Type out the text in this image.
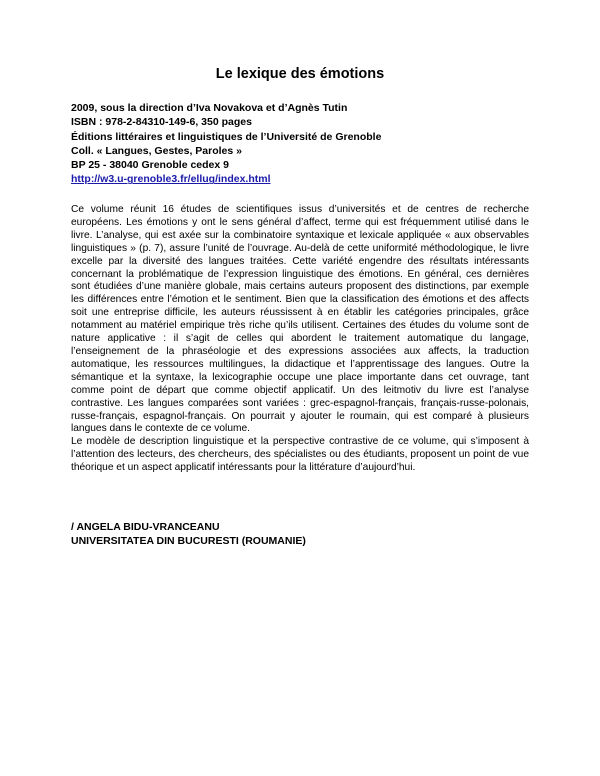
Le lexique des émotions
2009, sous la direction d’Iva Novakova et d’Agnès Tutin
ISBN : 978-2-84310-149-6, 350 pages
Éditions littéraires et linguistiques de l’Université de Grenoble
Coll. « Langues, Gestes, Paroles »
BP 25 - 38040 Grenoble cedex 9
http://w3.u-grenoble3.fr/ellug/index.html

Ce volume réunit 16 études de scientifiques issus d’universités et de centres de recherche européens. Les émotions y ont le sens général d’affect, terme qui est fréquemment utilisé dans le livre. L’analyse, qui est axée sur la combinatoire syntaxique et lexicale appliquée « aux observables linguistiques » (p. 7), assure l’unité de l’ouvrage. Au-delà de cette uniformité méthodologique, le livre excelle par la diversité des langues traitées. Cette variété engendre des résultats intéressants concernant la problématique de l’expression linguistique des émotions. En général, ces dernières sont étudiées d’une manière globale, mais certains auteurs proposent des distinctions, par exemple les différences entre l’émotion et le sentiment. Bien que la classification des émotions et des affects soit une entreprise difficile, les auteurs réussissent à en établir les catégories principales, grâce notamment au matériel empirique très riche qu’ils utilisent. Certaines des études du volume sont de nature applicative : il s’agit de celles qui abordent le traitement automatique du langage, l’enseignement de la phraséologie et des expressions associées aux affects, la traduction automatique, les ressources multilingues, la didactique et l’apprentissage des langues. Outre la sémantique et la syntaxe, la lexicographie occupe une place importante dans cet ouvrage, tant comme point de départ que comme objectif applicatif. Un des leitmotiv du livre est l’analyse contrastive. Les langues comparées sont variées : grec-espagnol-français, français-russe-polonais, russe-français, espagnol-français. On pourrait y ajouter le roumain, qui est comparé à plusieurs langues dans le contexte de ce volume.

Le modèle de description linguistique et la perspective contrastive de ce volume, qui s’imposent à l’attention des lecteurs, des chercheurs, des spécialistes ou des étudiants, proposent un point de vue théorique et un aspect applicatif intéressants pour la littérature d’aujourd’hui.

/ ANGELA BIDU-VRANCEANU
UNIVERSITATEA DIN BUCURESTI (ROUMANIE)
